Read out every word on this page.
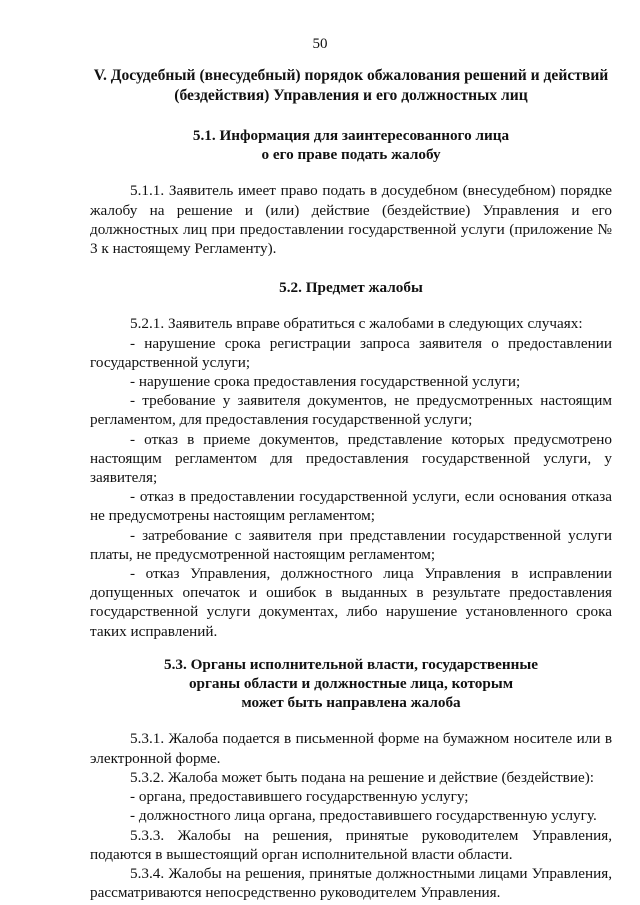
50
V. Досудебный (внесудебный) порядок обжалования решений и действий
(бездействия) Управления и его должностных лиц
5.1. Информация для заинтересованного лица
о его праве подать жалобу

5.1.1. Заявитель имеет право подать в досудебном (внесудебном) порядке жалобу на решение и (или) действие (бездействие) Управления и его должностных лиц при предоставлении государственной услуги (приложение № 3 к настоящему Регламенту).

5.2. Предмет жалобы

5.2.1. Заявитель вправе обратиться с жалобами в следующих случаях:

- нарушение срока регистрации запроса заявителя о предоставлении государственной услуги;

- нарушение срока предоставления государственной услуги;

- требование у заявителя документов, не предусмотренных настоящим регламентом, для предоставления государственной услуги;

- отказ в приеме документов, представление которых предусмотрено настоящим регламентом для предоставления государственной услуги, у заявителя;

- отказ в предоставлении государственной услуги, если основания отказа не предусмотрены настоящим регламентом;

- затребование с заявителя при представлении государственной услуги платы, не предусмотренной настоящим регламентом;

- отказ Управления, должностного лица Управления в исправлении допущенных опечаток и ошибок в выданных в результате предоставления государственной услуги документах, либо нарушение установленного срока таких исправлений.

5.3. Органы исполнительной власти, государственные
органы области и должностные лица, которым
может быть направлена жалоба

5.3.1. Жалоба подается в письменной форме на бумажном носителе или в электронной форме.

5.3.2. Жалоба может быть подана на решение и действие (бездействие):

- органа, предоставившего государственную услугу;

- должностного лица органа, предоставившего государственную услугу.

5.3.3. Жалобы на решения, принятые руководителем Управления, подаются в вышестоящий орган исполнительной власти области.

5.3.4. Жалобы на решения, принятые должностными лицами Управления, рассматриваются непосредственно руководителем Управления.
